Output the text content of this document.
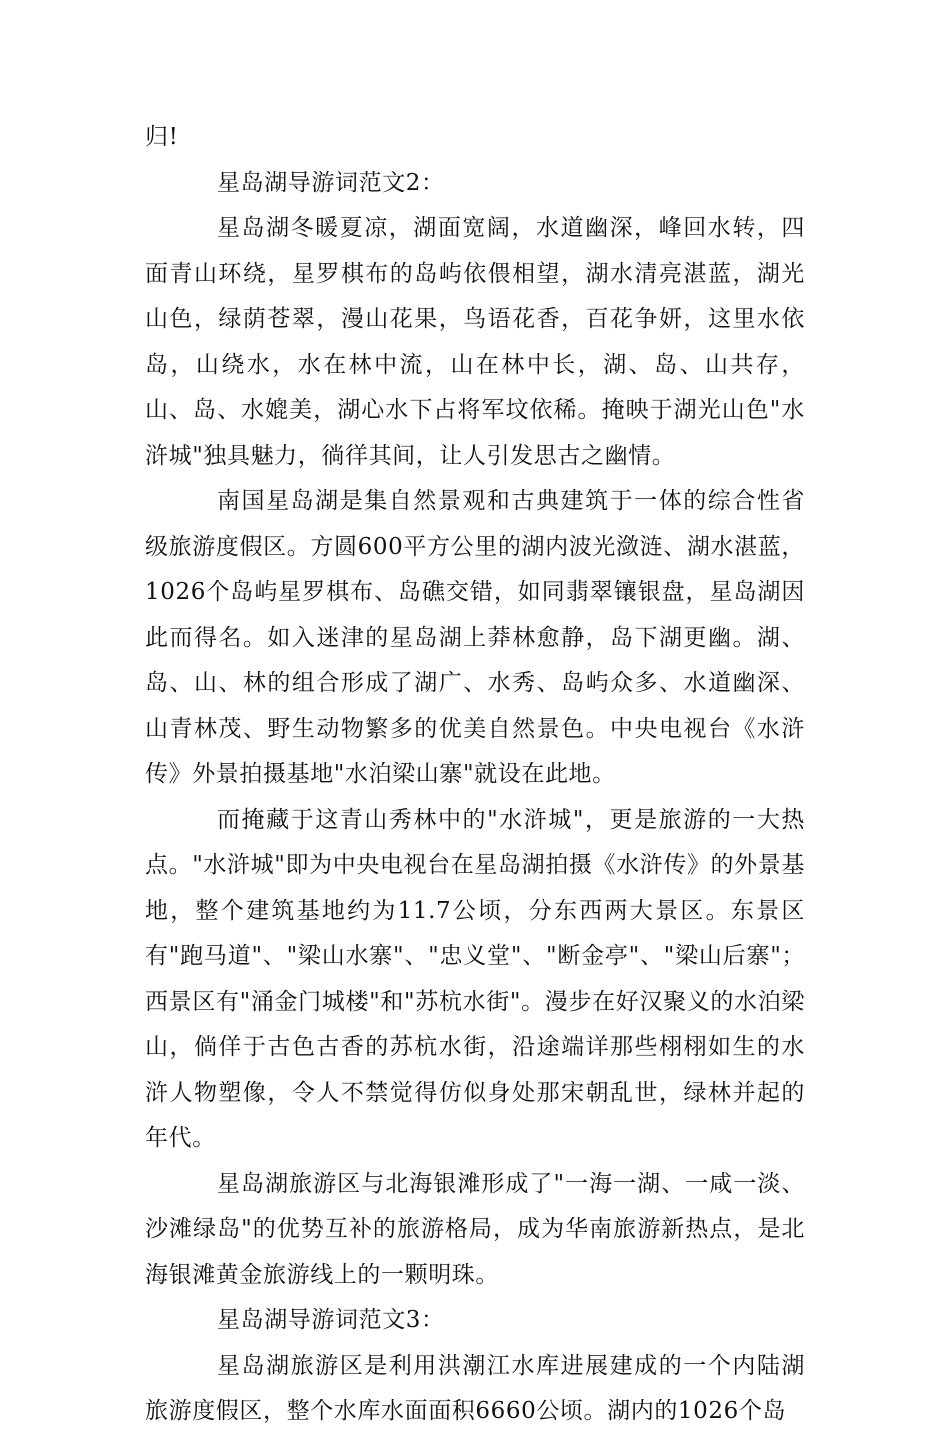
归!

星岛湖导游词范文2：

星岛湖冬暖夏凉，湖面宽阔，水道幽深，峰回水转，四面青山环绕，星罗棋布的岛屿依偎相望，湖水清亮湛蓝，湖光山色，绿荫苍翠，漫山花果，鸟语花香，百花争妍，这里水依岛，山绕水，水在林中流，山在林中长，湖、岛、山共存，山、岛、水媲美，湖心水下占将军坟依稀。掩映于湖光山色"水浒城"独具魅力，徜徉其间，让人引发思古之幽情。

南国星岛湖是集自然景观和古典建筑于一体的综合性省级旅游度假区。方圆600平方公里的湖内波光潋涟、湖水湛蓝，1026个岛屿星罗棋布、岛礁交错，如同翡翠镶银盘，星岛湖因此而得名。如入迷津的星岛湖上莽林愈静，岛下湖更幽。湖、岛、山、林的组合形成了湖广、水秀、岛屿众多、水道幽深、山青林茂、野生动物繁多的优美自然景色。中央电视台《水浒传》外景拍摄基地"水泊梁山寨"就设在此地。

而掩藏于这青山秀林中的"水浒城"，更是旅游的一大热点。"水浒城"即为中央电视台在星岛湖拍摄《水浒传》的外景基地，整个建筑基地约为11.7公顷，分东西两大景区。东景区有"跑马道"、"梁山水寨"、"忠义堂"、"断金亭"、"梁山后寨"；西景区有"涌金门城楼"和"苏杭水街"。漫步在好汉聚义的水泊梁山，倘佯于古色古香的苏杭水街，沿途端详那些栩栩如生的水浒人物塑像，令人不禁觉得仿似身处那宋朝乱世，绿林并起的年代。

星岛湖旅游区与北海银滩形成了"一海一湖、一咸一淡、沙滩绿岛"的优势互补的旅游格局，成为华南旅游新热点，是北海银滩黄金旅游线上的一颗明珠。

星岛湖导游词范文3：

星岛湖旅游区是利用洪潮江水库进展建成的一个内陆湖旅游度假区，整个水库水面面积6660公顷。湖内的1026个岛
